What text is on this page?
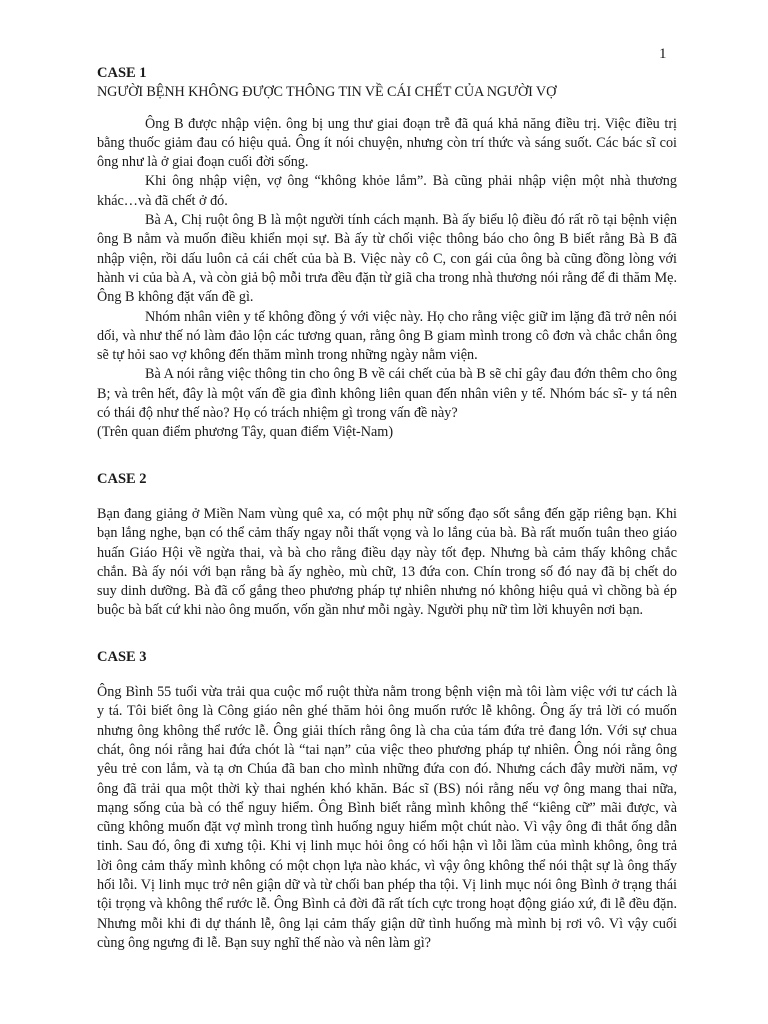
1
CASE 1

NGƯỜI BỆNH KHÔNG ĐƯỢC THÔNG TIN VỀ CÁI CHẾT CỦA NGƯỜI VỢ

Ông B được nhập viện. ông bị ung thư giai đoạn trễ đã quá khả năng điều trị. Việc điều trị bằng thuốc giảm đau có hiệu quả. Ông ít nói chuyện, nhưng còn trí thức và sáng suốt. Các bác sĩ coi ông như là ở giai đoạn cuối đời sống.

Khi ông nhập viện, vợ ông “không khỏe lắm”. Bà cũng phải nhập viện một nhà thương khác…và đã chết ở đó.

Bà A, Chị ruột ông B là một người tính cách mạnh. Bà ấy biểu lộ điều đó rất rõ tại bệnh viện ông B nằm và muốn điều khiển mọi sự. Bà ấy từ chối việc thông báo cho ông B biết rằng Bà B đã nhập viện, rồi dấu luôn cả cái chết của bà B. Việc này cô C, con gái của ông bà cũng đồng lòng với hành vi của bà A, và còn giả bộ mỗi trưa đều đặn từ giã cha trong nhà thương nói rằng để đi thăm Mẹ. Ông B không đặt vấn đề gì.

Nhóm nhân viên y tế không đồng ý với việc này. Họ cho rằng việc giữ im lặng đã trở nên nói dối, và như thế nó làm đảo lộn các tương quan, rằng ông B giam mình trong cô đơn và chắc chắn ông sẽ tự hỏi sao vợ không đến thăm mình trong những ngày nằm viện.

Bà A nói rằng việc thông tin cho ông B về cái chết của bà B sẽ chỉ gây đau đớn thêm cho ông B; và trên hết, đây là một vấn đề gia đình không liên quan đến nhân viên y tế. Nhóm bác sĩ- y tá nên có thái độ như thế nào? Họ có trách nhiệm gì trong vấn đề này?

(Trên quan điểm phương Tây, quan điểm Việt-Nam)

CASE 2

Bạn đang giảng ở Miền Nam vùng quê xa, có một phụ nữ sống đạo sốt sắng đến gặp riêng bạn. Khi bạn lắng nghe, bạn có thể cảm thấy ngay nỗi thất vọng và lo lắng của bà. Bà rất muốn tuân theo giáo huấn Giáo Hội về ngừa thai, và bà cho rằng điều dạy này tốt đẹp. Nhưng bà cảm thấy không chắc chắn. Bà ấy nói với bạn rằng bà ấy nghèo, mù chữ, 13 đứa con. Chín trong số đó nay đã bị chết do suy dinh dưỡng. Bà đã cố gắng theo phương pháp tự nhiên nhưng nó không hiệu quả vì chồng bà ép buộc bà bất cứ khi nào ông muốn, vốn gần như mỗi ngày. Người phụ nữ tìm lời khuyên nơi bạn.

CASE 3

Ông Bình 55 tuổi vừa trải qua cuộc mổ ruột thừa nằm trong bệnh viện mà tôi làm việc với tư cách là y tá. Tôi biết ông là Công giáo nên ghé thăm hỏi ông muốn rước lễ không. Ông ấy trả lời có muốn nhưng ông không thể rước lễ. Ông giải thích rằng ông là cha của tám đứa trẻ đang lớn. Với sự chua chát, ông nói rằng hai đứa chót là “tai nạn” của việc theo phương pháp tự nhiên. Ông nói rằng ông yêu trẻ con lắm, và tạ ơn Chúa đã ban cho mình những đứa con đó. Nhưng cách đây mười năm, vợ ông đã trải qua một thời kỳ thai nghén khó khăn. Bác sĩ (BS) nói rằng nếu vợ ông mang thai nữa, mạng sống của bà có thể nguy hiểm. Ông Bình biết rằng mình không thể “kiêng cữ” mãi được, và cũng không muốn đặt vợ mình trong tình huống nguy hiểm một chút nào. Vì vậy ông đi thắt ống dẫn tinh. Sau đó, ông đi xưng tội. Khi vị linh mục hỏi ông có hối hận vì lỗi lầm của mình không, ông trả lời ông cảm thấy mình không có một chọn lựa nào khác, vì vậy ông không thể nói thật sự là ông thấy hối lỗi. Vị linh mục trở nên giận dữ và từ chối ban phép tha tội. Vị linh mục nói ông Bình ở trạng thái tội trọng và không thể rước lễ. Ông Bình cả đời đã rất tích cực trong hoạt động giáo xứ, đi lễ đều đặn. Nhưng mỗi khi đi dự thánh lễ, ông lại cảm thấy giận dữ tình huống mà mình bị rơi vô. Vì vậy cuối cùng ông ngưng đi lễ. Bạn suy nghĩ thế nào và nên làm gì?
